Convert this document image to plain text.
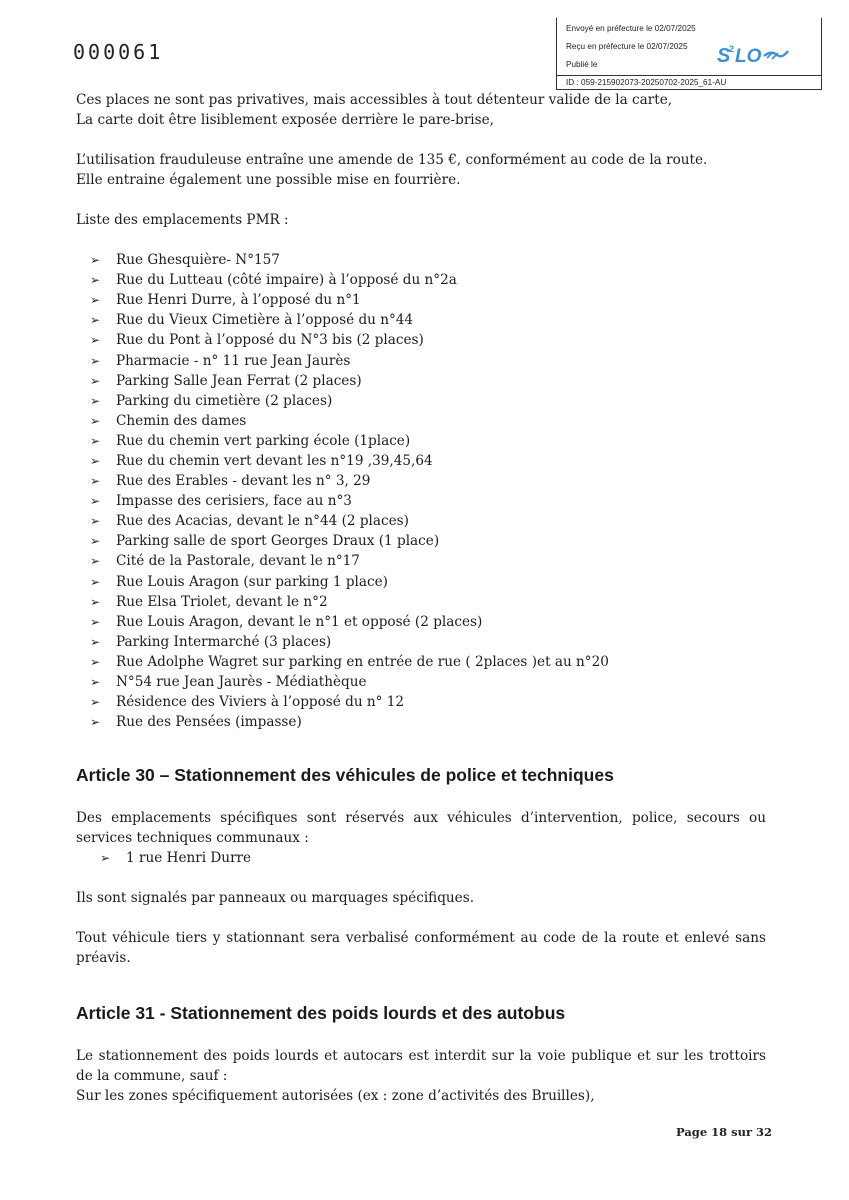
000061
Envoyé en préfecture le 02/07/2025
Reçu en préfecture le 02/07/2025
Publié le
ID : 059-215902073-20250702-2025_61-AU
S
2 LO

Ces places ne sont pas privatives, mais accessibles à tout détenteur valide de la carte,

La carte doit être lisiblement exposée derrière le pare-brise,

L’utilisation frauduleuse entraîne une amende de 135 €, conformément au code de la route.

Elle entraine également une possible mise en fourrière.

Liste des emplacements PMR :

➢	Rue Ghesquière- N°157
➢	Rue du Lutteau (côté impaire) à l’opposé du n°2a
➢	Rue Henri Durre, à l’opposé du n°1
➢	Rue du Vieux Cimetière à l’opposé du n°44
➢	Rue du Pont à l’opposé du N°3 bis (2 places)
➢	Pharmacie - n° 11 rue Jean Jaurès
➢	Parking Salle Jean Ferrat (2 places)
➢	Parking du cimetière (2 places)
➢	Chemin des dames
➢	Rue du chemin vert parking école (1place)
➢	Rue du chemin vert devant les n°19 ,39,45,64
➢	Rue des Erables - devant les n° 3, 29
➢	Impasse des cerisiers, face au n°3
➢	Rue des Acacias, devant le n°44 (2 places)
➢	Parking salle de sport Georges Draux (1 place)
➢	Cité de la Pastorale, devant le n°17
➢	Rue Louis Aragon (sur parking 1 place)
➢	Rue Elsa Triolet, devant le n°2
➢	Rue Louis Aragon, devant le n°1 et opposé (2 places)
➢	Parking Intermarché (3 places)
➢	Rue Adolphe Wagret sur parking en entrée de rue ( 2places )et au n°20
➢	N°54 rue Jean Jaurès - Médiathèque
➢	Résidence des Viviers à l’opposé du n° 12
➢	Rue des Pensées (impasse)
Article 30 – Stationnement des véhicules de police et techniques

Des emplacements spécifiques sont réservés aux véhicules d’intervention, police, secours ou services techniques communaux :

➢	1 rue Henri Durre

Ils sont signalés par panneaux ou marquages spécifiques.

Tout véhicule tiers y stationnant sera verbalisé conformément au code de la route et enlevé sans préavis.

Article 31 - Stationnement des poids lourds et des autobus

Le stationnement des poids lourds et autocars est interdit sur la voie publique et sur les trottoirs de la commune, sauf :

Sur les zones spécifiquement autorisées (ex : zone d’activités des Bruilles),

Page 18 sur 32
